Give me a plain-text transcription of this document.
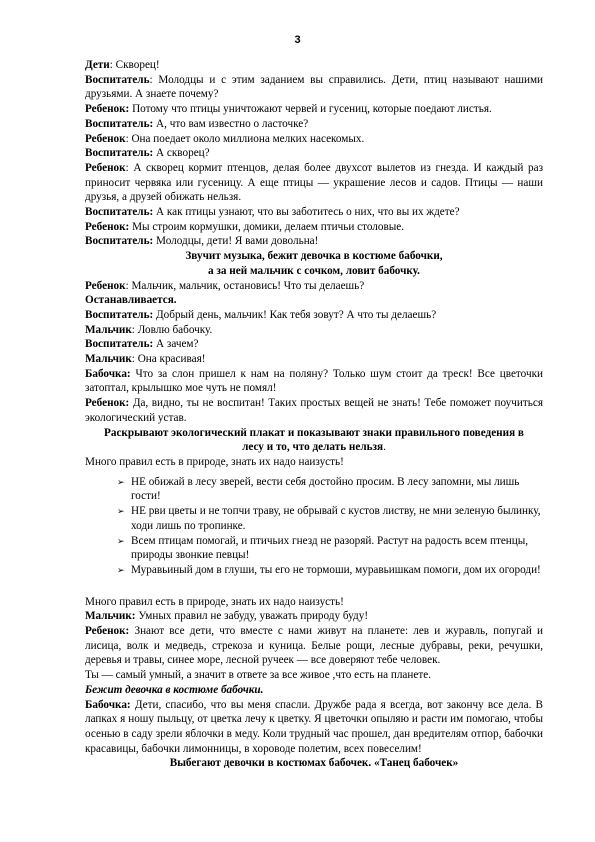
3

Дети: Скворец!

Воспитатель: Молодцы и с этим заданием вы справились. Дети, птиц называют нашими друзьями. А знаете почему?

Ребенок: Потому что птицы уничтожают червей и гусениц, которые поедают листья.

Воспитатель: А, что вам известно о ласточке?

Ребенок: Она поедает около миллиона мелких насекомых.

Воспитатель: А скворец?

Ребенок: А скворец кормит птенцов, делая более двухсот вылетов из гнезда. И каждый раз приносит червяка или гусеницу. А еще птицы — украшение лесов и садов. Птицы — наши друзья, а друзей обижать нельзя.

Воспитатель: А как птицы узнают, что вы заботитесь о них, что вы их ждете?

Ребенок: Мы строим кормушки, домики, делаем птичьи столовые.

Воспитатель: Молодцы, дети! Я вами довольна!

Звучит музыка, бежит девочка в костюме бабочки,

а за ней мальчик с сочком, ловит бабочку.

Ребенок: Мальчик, мальчик, остановись! Что ты делаешь?

Останавливается.

Воспитатель: Добрый день, мальчик! Как тебя зовут? А что ты делаешь?

Мальчик: Ловлю бабочку.

Воспитатель: А зачем?

Мальчик: Она красивая!

Бабочка: Что за слон пришел к нам на поляну? Только шум стоит да треск! Все цветочки затоптал, крылышко мое чуть не помял!

Ребенок: Да, видно, ты не воспитан! Таких простых вещей не знать! Тебе поможет поучиться экологический устав.

Раскрывают экологический плакат и показывают знаки правильного поведения в

лесу и то, что делать нельзя.

Много правил есть в природе, знать их надо наизусть!

➢ НЕ обижай в лесу зверей, вести себя достойно просим. В лесу запомни, мы лишь гости!
➢ НЕ рви цветы и не топчи траву, не обрывай с кустов листву, не мни зеленую былинку, ходи лишь по тропинке.
➢ Всем птицам помогай, и птичьих гнезд не разоряй. Растут на радость всем птенцы, природы звонкие певцы!
➢ Муравьиный дом в глуши, ты его не тормоши, муравьишкам помоги, дом их огороди!

Много правил есть в природе, знать их надо наизусть!

Мальчик: Умных правил не забуду, уважать природу буду!

Ребенок: Знают все дети, что вместе с нами живут на планете: лев и журавль, попугай и лисица, волк и медведь, стрекоза и куница. Белые рощи, лесные дубравы, реки, речушки, деревья и травы, синее море, лесной ручеек — все доверяют тебе человек.

Ты — самый умный, а значит в ответе за все живое ,что есть на планете.

Бежит девочка в костюме бабочки.

Бабочка: Дети, спасибо, что вы меня спасли. Дружбе рада я всегда, вот закончу все дела. В лапках я ношу пыльцу, от цветка лечу к цветку. Я цветочки опыляю и расти им помогаю, чтобы осенью в саду зрели яблочки в меду. Коли трудный час прошел, дан вредителям отпор, бабочки красавицы, бабочки лимонницы, в хороводе полетим, всех повеселим!

Выбегают девочки в костюмах бабочек. «Танец бабочек»
